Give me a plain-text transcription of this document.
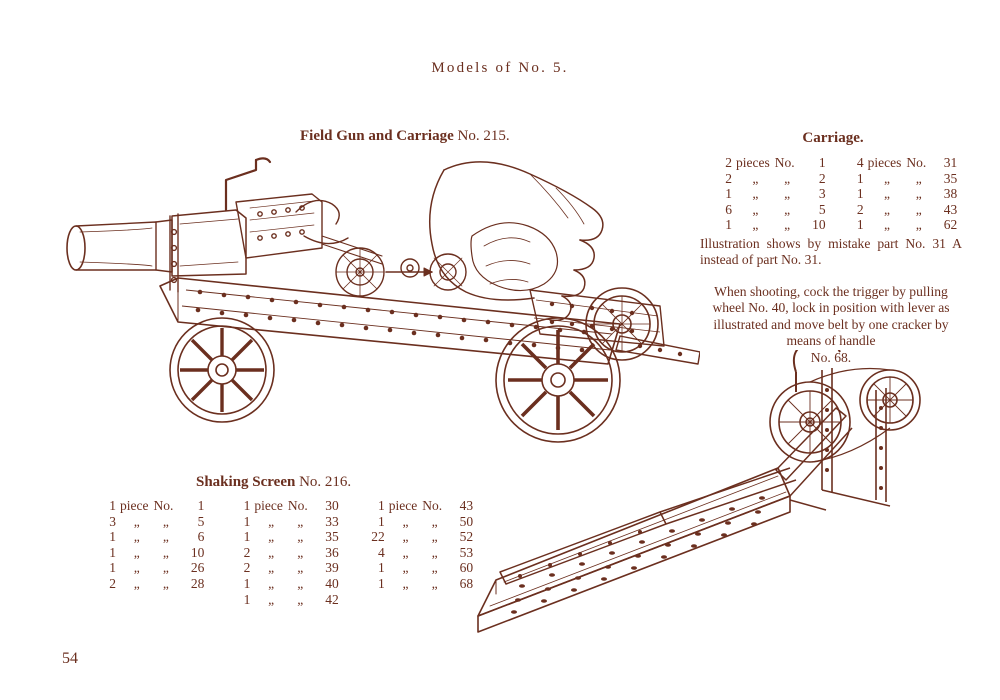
Models of No. 5.
Field Gun and Carriage No. 215.
Shaking Screen No. 216.
Carriage.
2	pieces	No.	1	4	pieces	No.	31
2	„	„	2	1	„	„	35
1	„	„	3	1	„	„	38
6	„	„	5	2	„	„	43
1	„	„	10	1	„	„	62
Illustration shows by mistake part No. 31 A instead of part No. 31.
When shooting, cock the trigger by pulling wheel No. 40, lock in position with lever as illustrated and move belt by one cracker by means of handle
No. 68.
1	piece	No.	1	1	piece	No.	30	1	piece	No.	43
3	„	„	5	1	„	„	33	1	„	„	50
1	„	„	6	1	„	„	35	22	„	„	52
1	„	„	10	2	„	„	36	4	„	„	53
1	„	„	26	2	„	„	39	1	„	„	60
2	„	„	28	1	„	„	40	1	„	„	68
				1	„	„	42				
54
